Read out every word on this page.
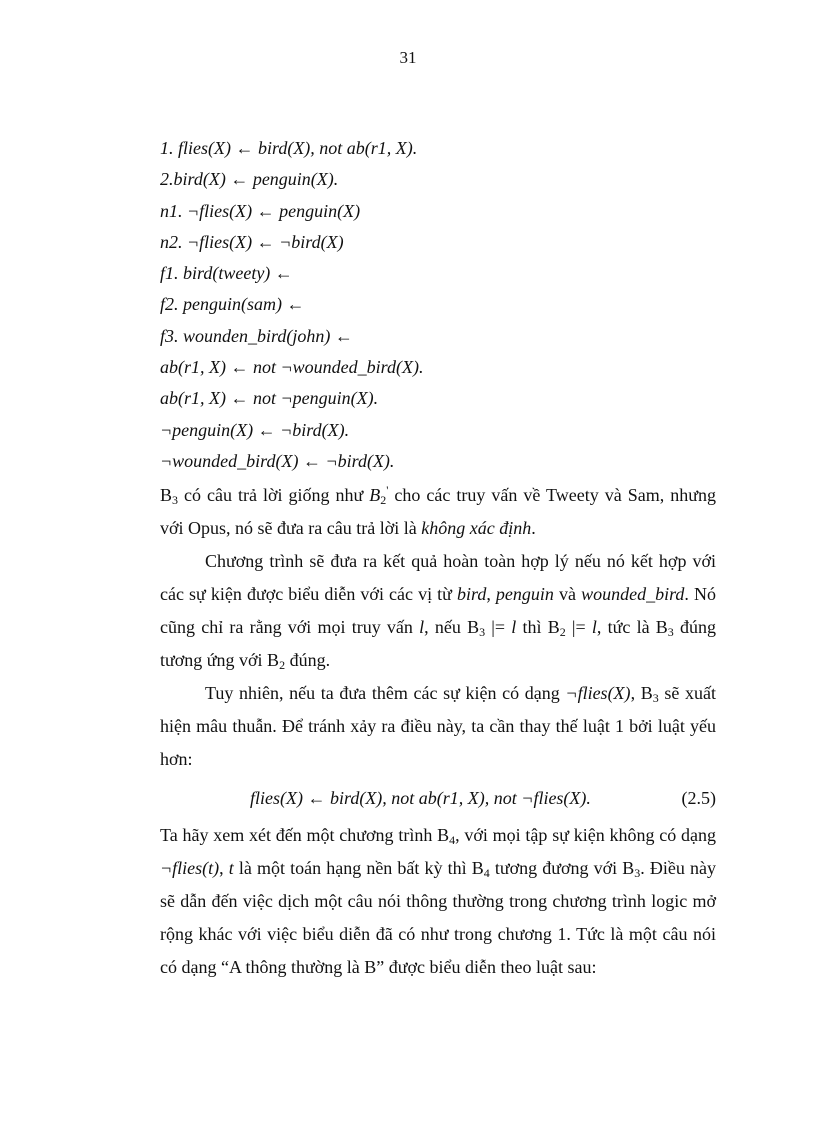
31
1. flies(X) ← bird(X), not ab(r1, X).
2.bird(X) ← penguin(X).
n1. ¬flies(X) ← penguin(X)
n2. ¬flies(X) ← ¬bird(X)
f1. bird(tweety) ←
f2. penguin(sam) ←
f3. wounden_bird(john) ←
ab(r1, X) ← not ¬wounded_bird(X).
ab(r1, X) ← not ¬penguin(X).
¬penguin(X) ← ¬bird(X).
¬wounded_bird(X) ← ¬bird(X).

$B_3$ có câu trả lời giống như $B_{2'}$ cho các truy vấn về Tweety và Sam, nhưng với Opus, nó sẽ đưa ra câu trả lời là không xác định.

Chương trình sẽ đưa ra kết quả hoàn toàn hợp lý nếu nó kết hợp với các sự kiện được biểu diễn với các vị từ bird, penguin và wounded_bird. Nó cũng chỉ ra rằng với mọi truy vấn l, nếu $B_3$ |= l thì $B_2$ |= l, tức là $B_3$ đúng tương ứng với $B_2$ đúng.

Tuy nhiên, nếu ta đưa thêm các sự kiện có dạng ¬flies(X), $B_3$ sẽ xuất hiện mâu thuẫn. Để tránh xảy ra điều này, ta cần thay thế luật 1 bởi luật yếu hơn:

flies(X) ← bird(X), not ab(r1, X), not ¬flies(X).	(2.5)

Ta hãy xem xét đến một chương trình $B_4$, với mọi tập sự kiện không có dạng ¬flies(t), t là một toán hạng nền bất kỳ thì $B_4$ tương đương với $B_3$. Điều này sẽ dẫn đến việc dịch một câu nói thông thường trong chương trình logic mở rộng khác với việc biểu diễn đã có như trong chương 1. Tức là một câu nói có dạng “A thông thường là B” được biểu diễn theo luật sau:
